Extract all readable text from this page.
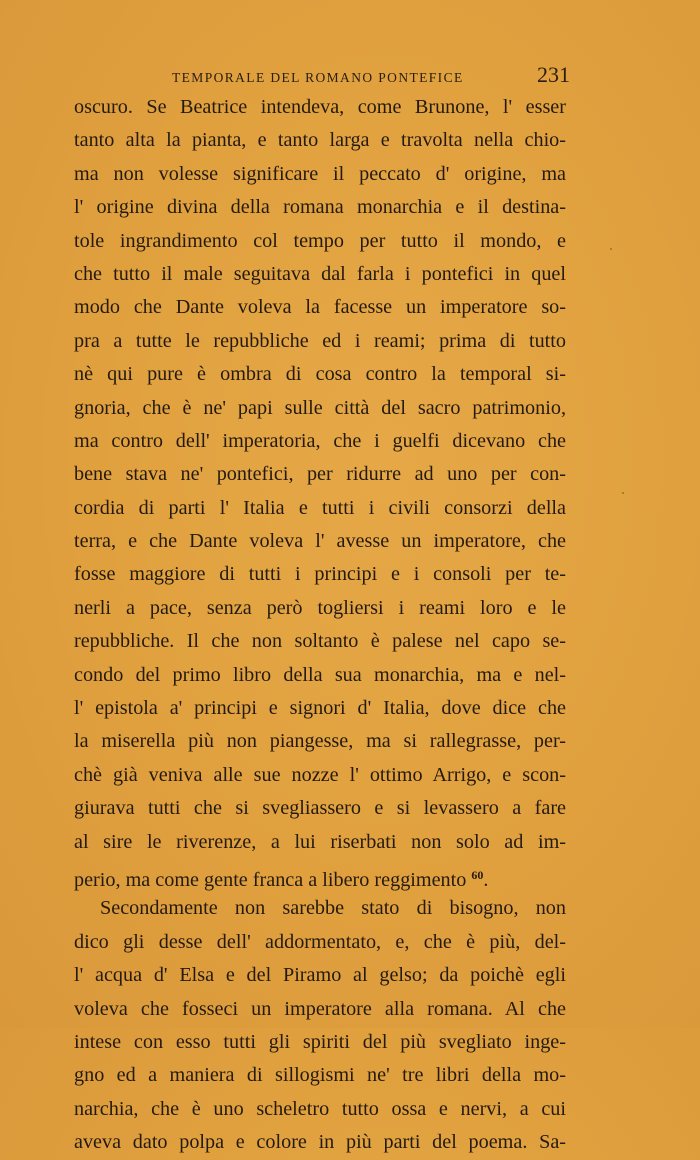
TEMPORALE DEL ROMANO PONTEFICE	231
oscuro. Se Beatrice intendeva, come Brunone, l' esser
tanto alta la pianta, e tanto larga e travolta nella chio-
ma non volesse significare il peccato d' origine, ma
l' origine divina della romana monarchia e il destina-
tole ingrandimento col tempo per tutto il mondo, e
che tutto il male seguitava dal farla i pontefici in quel
modo che Dante voleva la facesse un imperatore so-
pra a tutte le repubbliche ed i reami; prima di tutto
nè qui pure è ombra di cosa contro la temporal si-
gnoria, che è ne' papi sulle città del sacro patrimonio,
ma contro dell' imperatoria, che i guelfi dicevano che
bene stava ne' pontefici, per ridurre ad uno per con-
cordia di parti l' Italia e tutti i civili consorzi della
terra, e che Dante voleva l' avesse un imperatore, che
fosse maggiore di tutti i principi e i consoli per te-
nerli a pace, senza però togliersi i reami loro e le
repubbliche. Il che non soltanto è palese nel capo se-
condo del primo libro della sua monarchia, ma e nel-
l' epistola a' principi e signori d' Italia, dove dice che
la miserella più non piangesse, ma si rallegrasse, per-
chè già veniva alle sue nozze l' ottimo Arrigo, e scon-
giurava tutti che si svegliassero e si levassero a fare
al sire le riverenze, a lui riserbati non solo ad im-
perio, ma come gente franca a libero reggimento $^{60}$.
Secondamente non sarebbe stato di bisogno, non
dico gli desse dell' addormentato, e, che è più, del-
l' acqua d' Elsa e del Piramo al gelso; da poichè egli
voleva che fosseci un imperatore alla romana. Al che
intese con esso tutti gli spiriti del più svegliato inge-
gno ed a maniera di sillogismi ne' tre libri della mo-
narchia, che è uno scheletro tutto ossa e nervi, a cui
aveva dato polpa e colore in più parti del poema. Sa-
